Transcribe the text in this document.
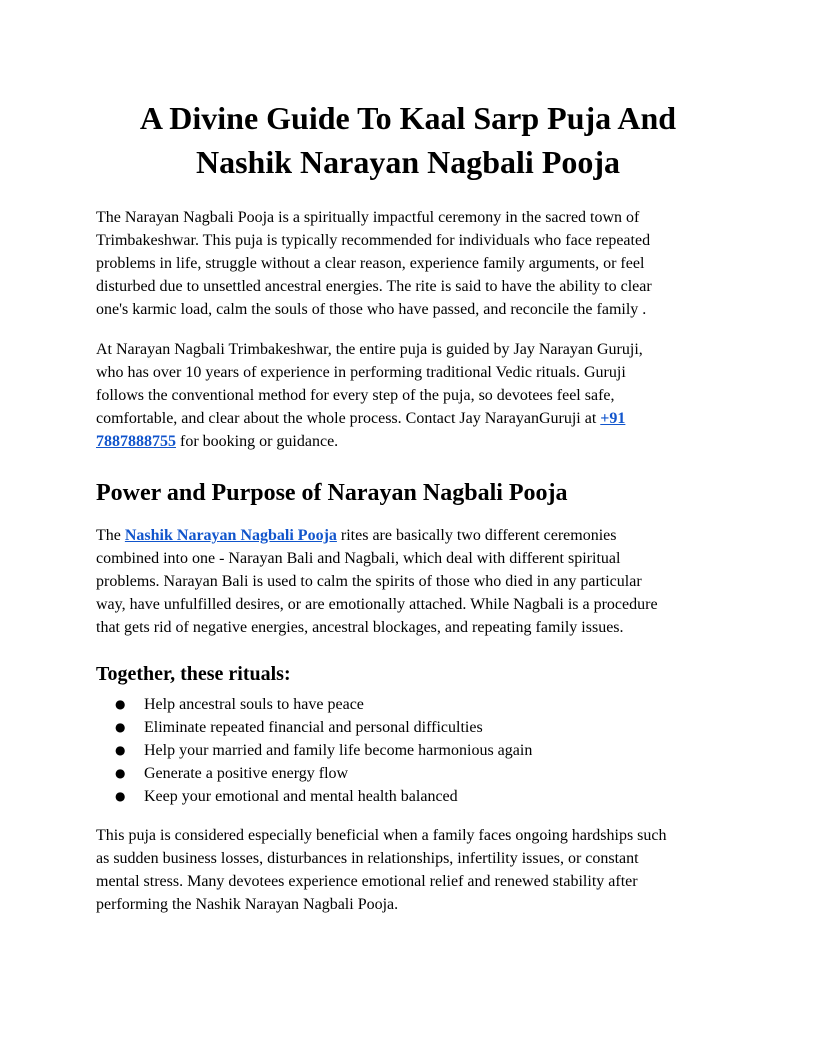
A Divine Guide To Kaal Sarp Puja And
Nashik Narayan Nagbali Pooja
The Narayan Nagbali Pooja is a spiritually impactful ceremony in the sacred town of
Trimbakeshwar. This puja is typically recommended for individuals who face repeated
problems in life, struggle without a clear reason, experience family arguments, or feel
disturbed due to unsettled ancestral energies. The rite is said to have the ability to clear
one's karmic load, calm the souls of those who have passed, and reconcile the family .
At Narayan Nagbali Trimbakeshwar, the entire puja is guided by Jay Narayan Guruji,
who has over 10 years of experience in performing traditional Vedic rituals. Guruji
follows the conventional method for every step of the puja, so devotees feel safe,
comfortable, and clear about the whole process. Contact Jay NarayanGuruji at +91
7887888755 for booking or guidance.
Power and Purpose of Narayan Nagbali Pooja
The Nashik Narayan Nagbali Pooja rites are basically two different ceremonies
combined into one - Narayan Bali and Nagbali, which deal with different spiritual
problems. Narayan Bali is used to calm the spirits of those who died in any particular
way, have unfulfilled desires, or are emotionally attached. While Nagbali is a procedure
that gets rid of negative energies, ancestral blockages, and repeating family issues.
Together, these rituals:
● Help ancestral souls to have peace
● Eliminate repeated financial and personal difficulties
● Help your married and family life become harmonious again
● Generate a positive energy flow
● Keep your emotional and mental health balanced
This puja is considered especially beneficial when a family faces ongoing hardships such
as sudden business losses, disturbances in relationships, infertility issues, or constant
mental stress. Many devotees experience emotional relief and renewed stability after
performing the Nashik Narayan Nagbali Pooja.
